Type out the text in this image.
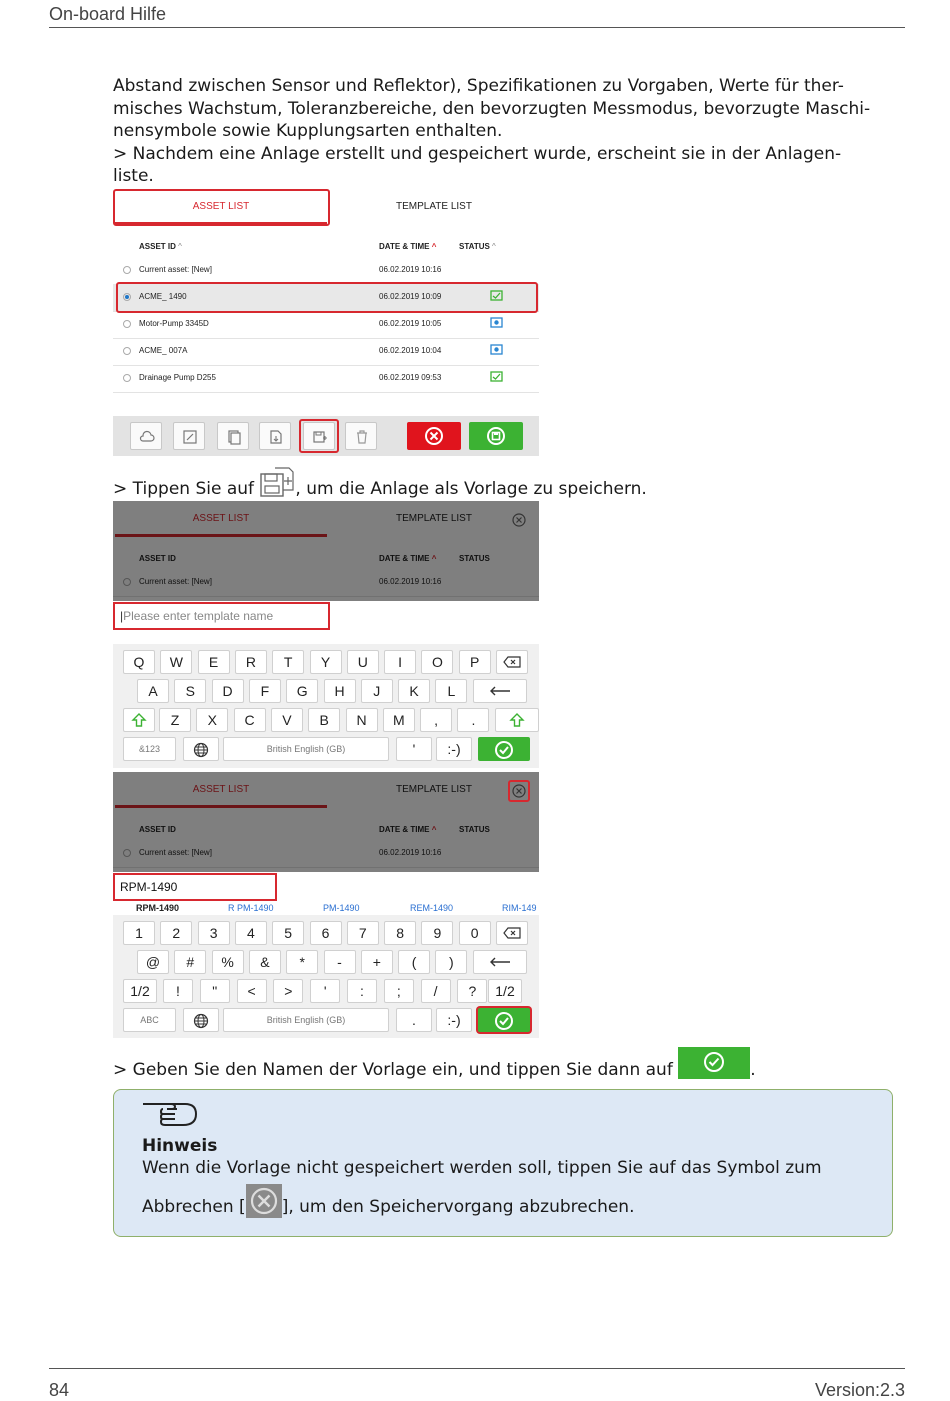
On-board Hilfe
Abstand zwischen Sensor und Reflektor), Spezifikationen zu Vorgaben, Werte für ther-
misches Wachstum, Toleranzbereiche, den bevorzugten Messmodus, bevorzugte Maschi-
nensymbole sowie Kupplungsarten enthalten.
> Nachdem eine Anlage erstellt und gespeichert wurde, erscheint sie in der Anlagen-
liste.
ASSET LIST	TEMPLATE LIST
ASSET ID ^	DATE & TIME ^	STATUS ^
Current asset: [New]	06.02.2019 10:16
ACME_ 1490	06.02.2019 10:09
Motor-Pump 3345D	06.02.2019 10:05
ACME_ 007A	06.02.2019 10:04
Drainage Pump D255	06.02.2019 09:53
> Tippen Sie auf , um die Anlage als Vorlage zu speichern.
|Please enter template name
Q	W	E	R	T	Y	U	I	O	P
A	S	D	F	G	H	J	K	L
Z	X	C	V	B	N	M	,	.
&123	British English (GB)	'	:-)
RPM-1490
RPM-1490	R PM-1490	PM-1490	REM-1490	RIM-149
1	2	3	4	5	6	7	8	9	0
@	#	%	&	*	-	+	(	)
1/2	!	"	<	>	'	:	;	/	?	1/2
ABC	British English (GB)	.	:-)
> Geben Sie den Namen der Vorlage ein, und tippen Sie dann auf	.
Hinweis
Wenn die Vorlage nicht gespeichert werden soll, tippen Sie auf das Symbol zum
Abbrechen [ ], um den Speichervorgang abzubrechen.
84	Version:2.3
